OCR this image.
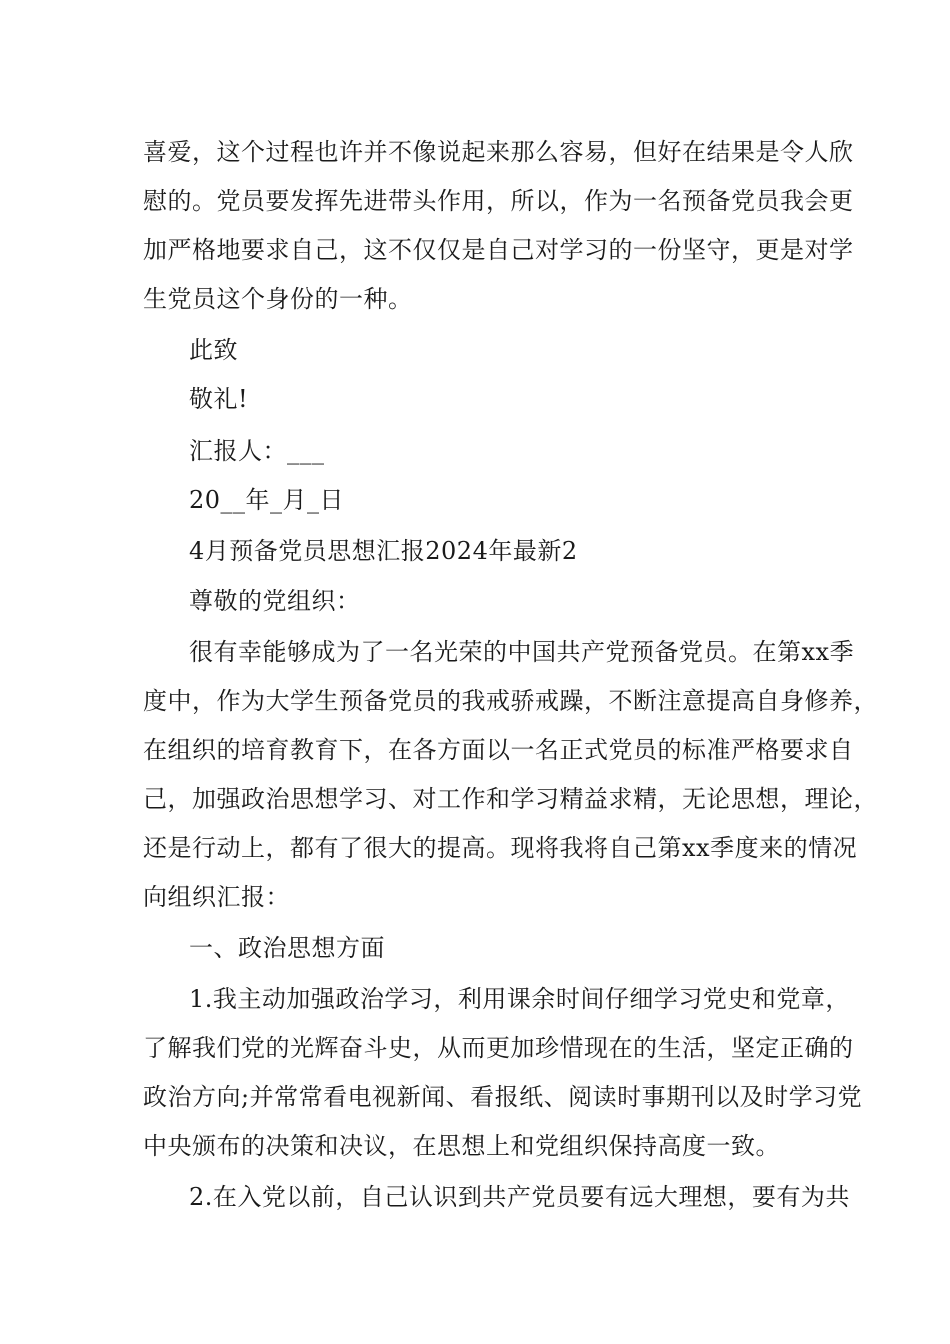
喜爱，这个过程也许并不像说起来那么容易，但好在结果是令人欣
慰的。党员要发挥先进带头作用，所以，作为一名预备党员我会更
加严格地要求自己，这不仅仅是自己对学习的一份坚守，更是对学
生党员这个身份的一种。
此致
敬礼!
汇报人：___
20__年_月_日
4月预备党员思想汇报2024年最新2
尊敬的党组织：
很有幸能够成为了一名光荣的中国共产党预备党员。在第xx季
度中，作为大学生预备党员的我戒骄戒躁，不断注意提高自身修养，
在组织的培育教育下，在各方面以一名正式党员的标准严格要求自
己，加强政治思想学习、对工作和学习精益求精，无论思想，理论，
还是行动上，都有了很大的提高。现将我将自己第xx季度来的情况
向组织汇报：
一、政治思想方面
1.我主动加强政治学习，利用课余时间仔细学习党史和党章，
了解我们党的光辉奋斗史，从而更加珍惜现在的生活，坚定正确的
政治方向;并常常看电视新闻、看报纸、阅读时事期刊以及时学习党
中央颁布的决策和决议，在思想上和党组织保持高度一致。
2.在入党以前，自己认识到共产党员要有远大理想，要有为共
